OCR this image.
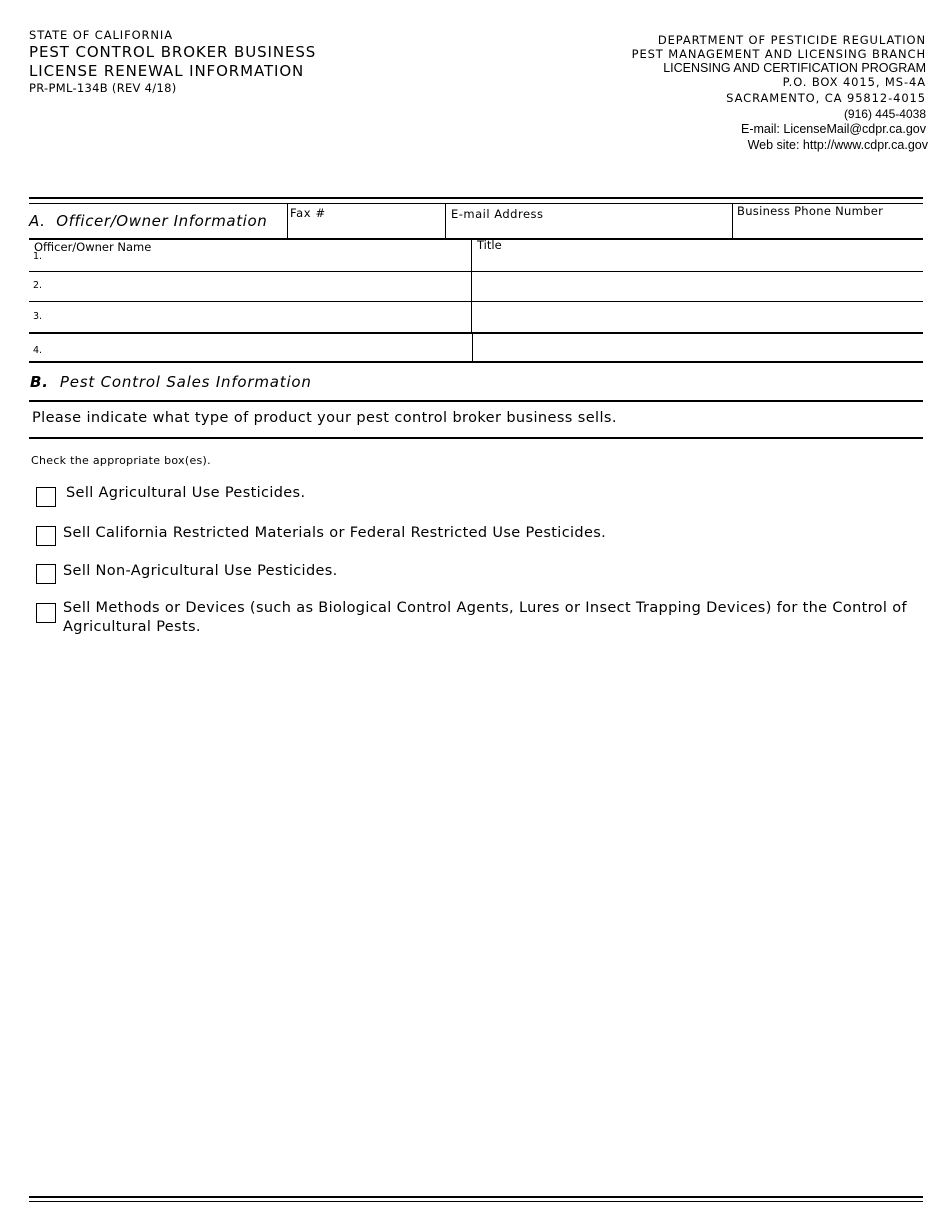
STATE OF CALIFORNIA
PEST CONTROL BROKER BUSINESS
LICENSE RENEWAL INFORMATION
PR-PML-134B (REV 4/18)
DEPARTMENT OF PESTICIDE REGULATION
PEST MANAGEMENT AND LICENSING BRANCH
LICENSING AND CERTIFICATION PROGRAM
P.O. BOX 4015, MS-4A
SACRAMENTO, CA 95812-4015
(916) 445-4038
E-mail: LicenseMail@cdpr.ca.gov
Web site: http://www.cdpr.ca.gov
A. Officer/Owner Information Fax #	E-mail Address	Business Phone Number
Officer/Owner Name	Title
1.
2.
3.
4.
B. Pest Control Sales Information
Please indicate what type of product your pest control broker business sells.
Check the appropriate box(es).
Sell Agricultural Use Pesticides.
Sell California Restricted Materials or Federal Restricted Use Pesticides.
Sell Non-Agricultural Use Pesticides.
Sell Methods or Devices (such as Biological Control Agents, Lures or Insect Trapping Devices) for the Control of
Agricultural Pests.
